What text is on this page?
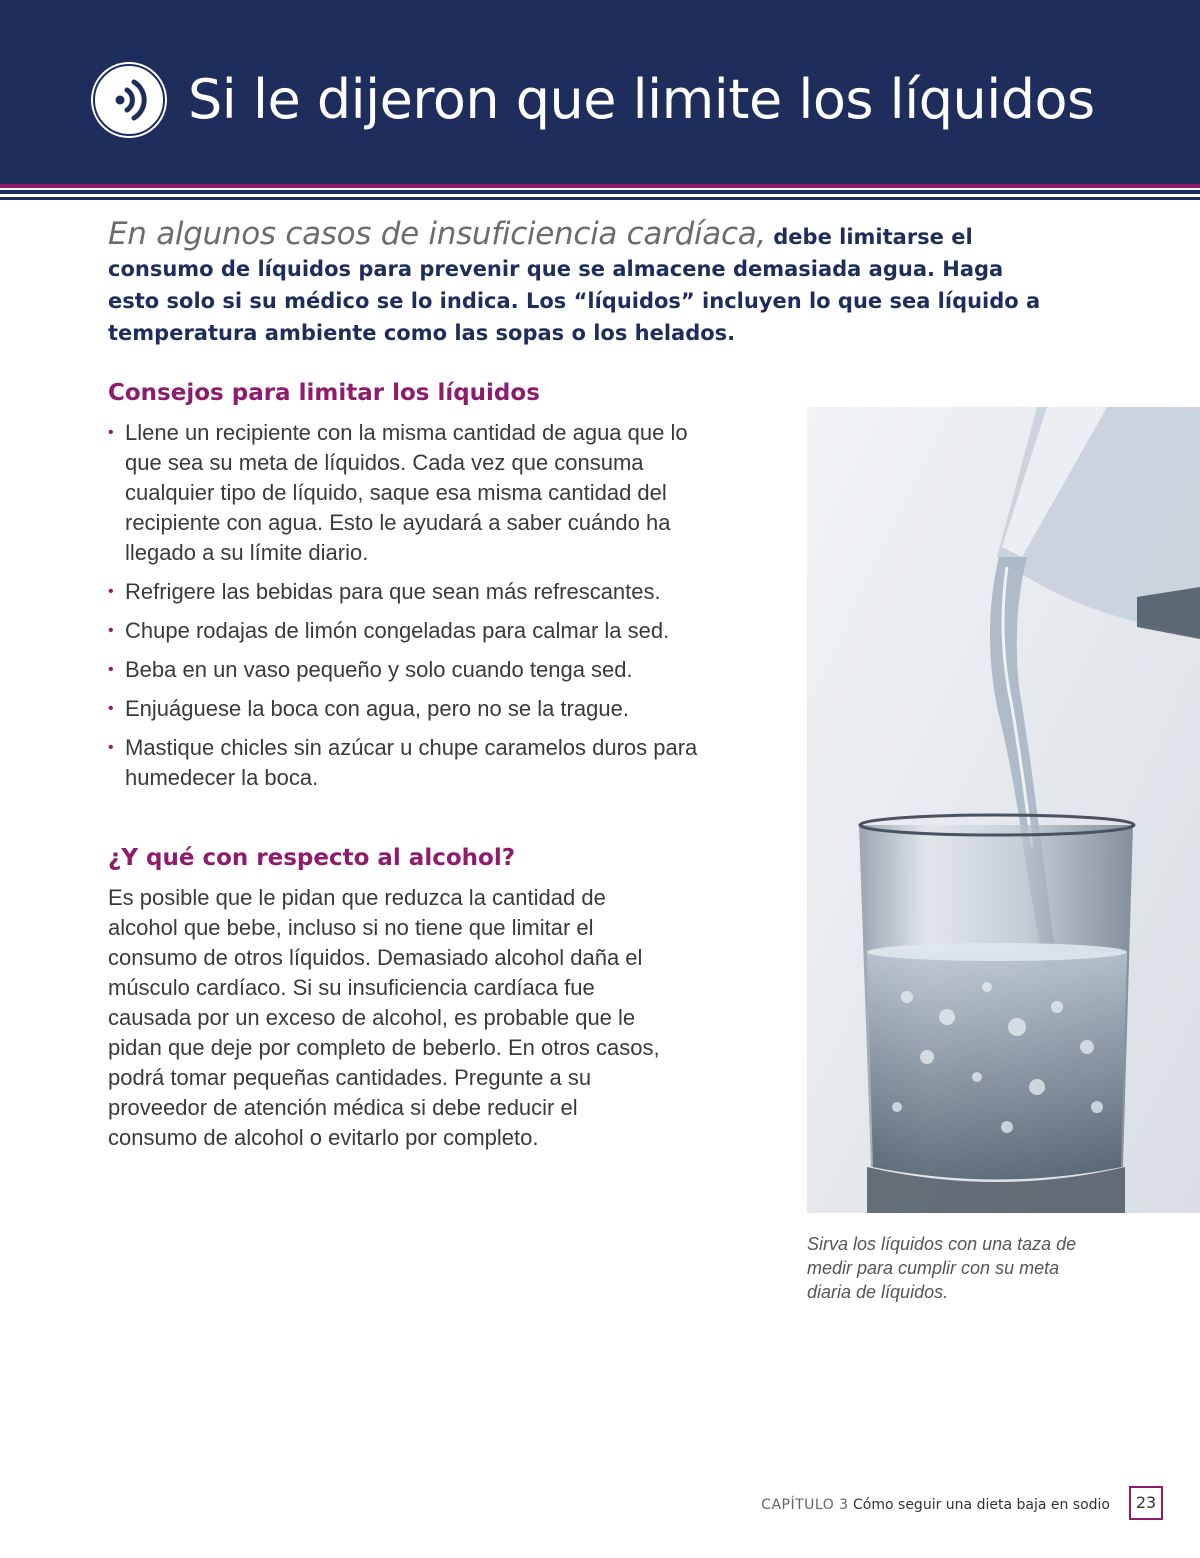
Si le dijeron que limite los líquidos

En algunos casos de insuficiencia cardíaca, debe limitarse el consumo de líquidos para prevenir que se almacene demasiada agua. Haga esto solo si su médico se lo indica. Los “líquidos” incluyen lo que sea líquido a temperatura ambiente como las sopas o los helados.

Consejos para limitar los líquidos
• Llene un recipiente con la misma cantidad de agua que lo que sea su meta de líquidos. Cada vez que consuma cualquier tipo de líquido, saque esa misma cantidad del recipiente con agua. Esto le ayudará a saber cuándo ha llegado a su límite diario.
• Refrigere las bebidas para que sean más refrescantes.
• Chupe rodajas de limón congeladas para calmar la sed.
• Beba en un vaso pequeño y solo cuando tenga sed.
• Enjuáguese la boca con agua, pero no se la trague.
• Mastique chicles sin azúcar u chupe caramelos duros para humedecer la boca.
¿Y qué con respecto al alcohol?

Es posible que le pidan que reduzca la cantidad de alcohol que bebe, incluso si no tiene que limitar el consumo de otros líquidos. Demasiado alcohol daña el músculo cardíaco. Si su insuficiencia cardíaca fue causada por un exceso de alcohol, es probable que le pidan que deje por completo de beberlo. En otros casos, podrá tomar pequeñas cantidades. Pregunte a su proveedor de atención médica si debe reducir el consumo de alcohol o evitarlo por completo.

Sirva los líquidos con una taza de medir para cumplir con su meta diaria de líquidos.

CAPÍTULO 3 Cómo seguir una dieta baja en sodio	23
